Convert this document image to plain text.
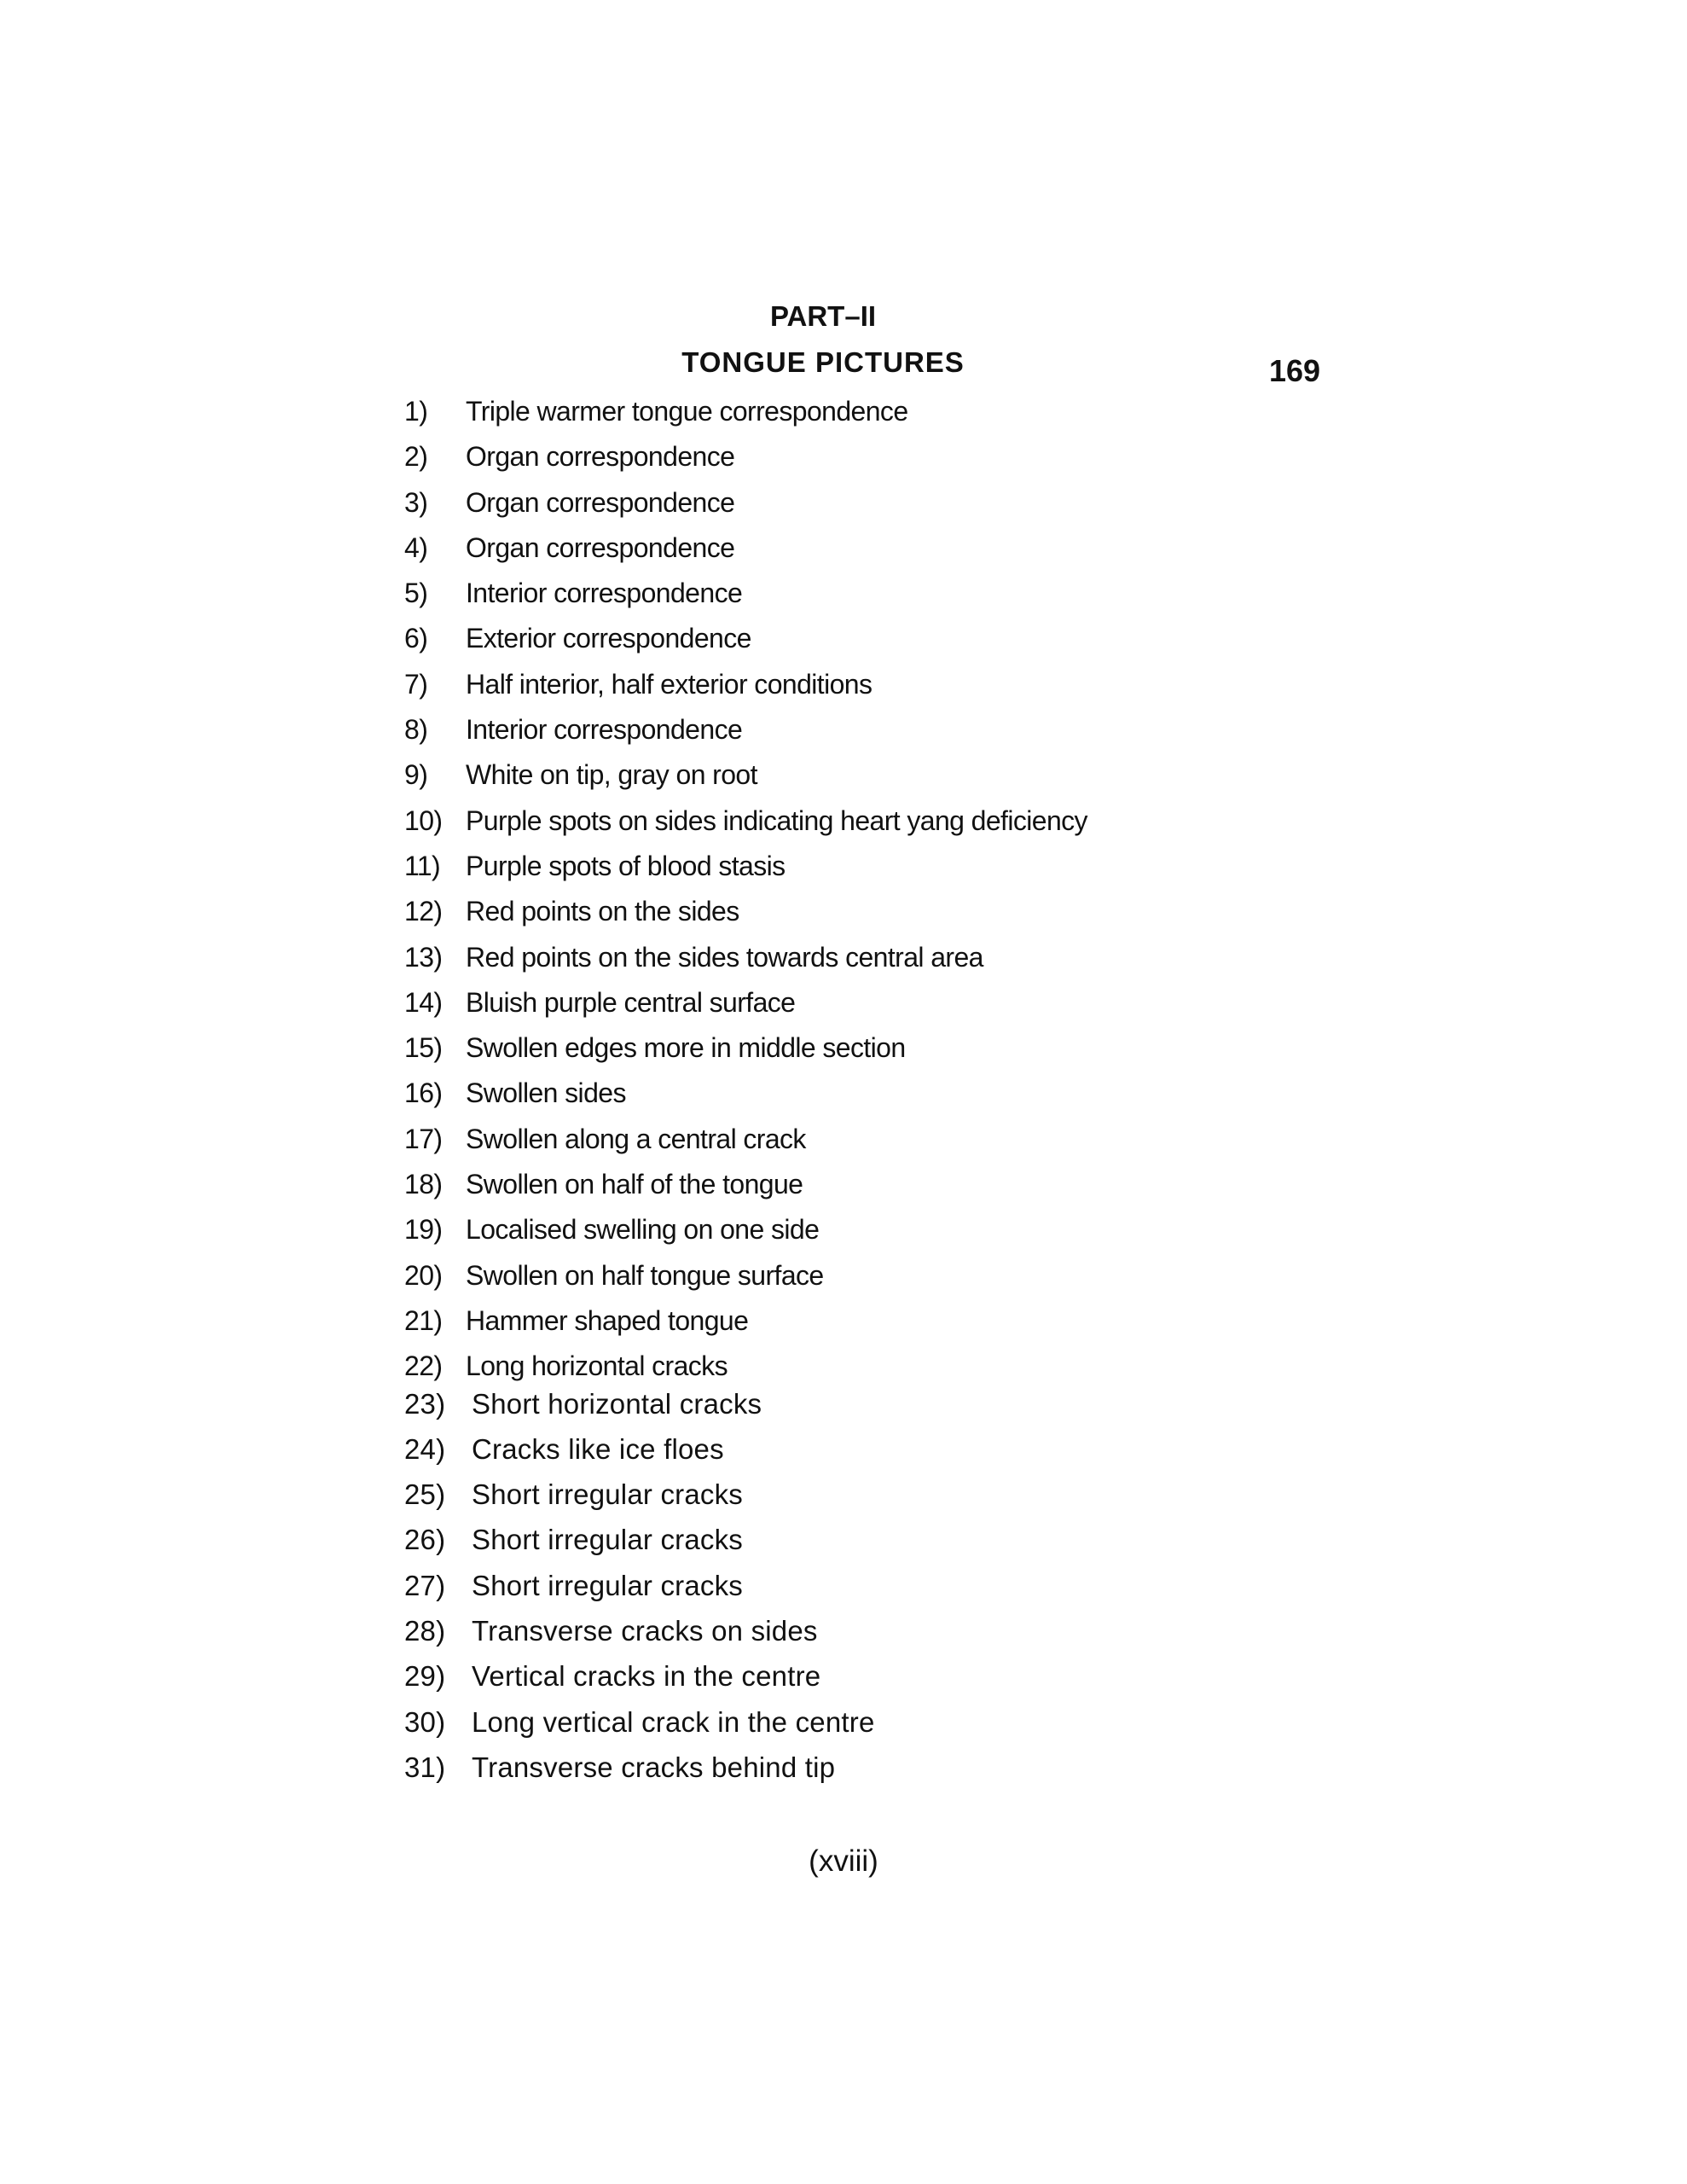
PART–II
TONGUE PICTURES	169
1)	Triple warmer tongue correspondence
2)	Organ correspondence
3)	Organ correspondence
4)	Organ correspondence
5)	Interior correspondence
6)	Exterior correspondence
7)	Half interior, half exterior conditions
8)	Interior correspondence
9)	White on tip, gray on root
10) Purple spots on sides indicating heart yang deficiency
11) Purple spots of blood stasis
12) Red points on the sides
13) Red points on the sides towards central area
14) Bluish purple central surface
15) Swollen edges more in middle section
16) Swollen sides
17) Swollen along a central crack
18) Swollen on half of the tongue
19) Localised swelling on one side
20) Swollen on half tongue surface
21) Hammer shaped tongue
22) Long horizontal cracks
23) Short horizontal cracks
24) Cracks like ice floes
25) Short irregular cracks
26) Short irregular cracks
27) Short irregular cracks
28) Transverse cracks on sides
29) Vertical cracks in the centre
30) Long vertical crack in the centre
31) Transverse cracks behind tip
(xviii)
